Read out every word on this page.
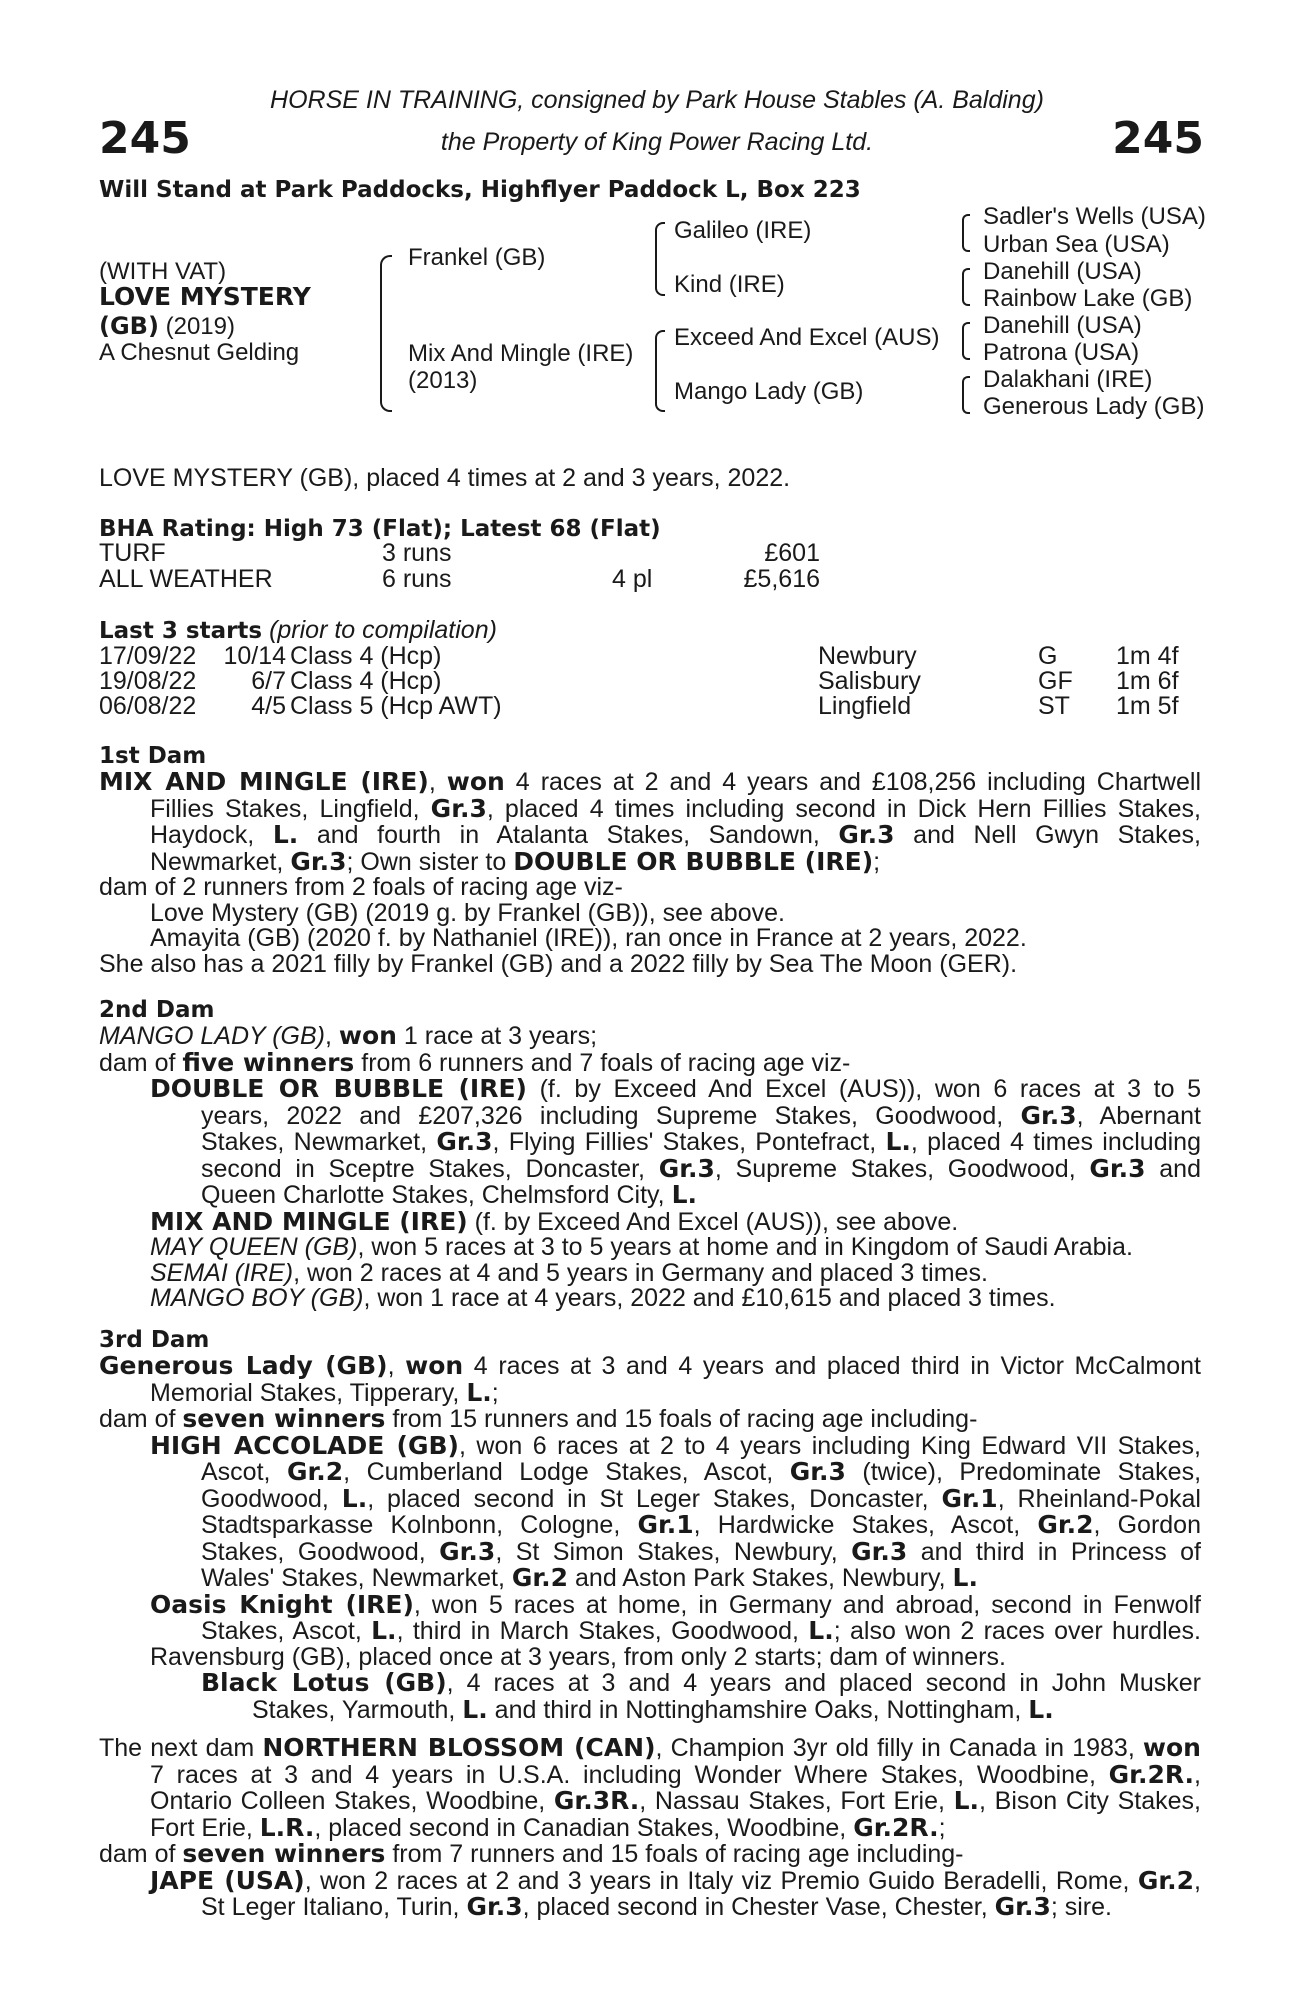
245	245
HORSE IN TRAINING, consigned by Park House Stables (A. Balding)
the Property of King Power Racing Ltd.
Will Stand at Park Paddocks, Highflyer Paddock L, Box 223
(WITH VAT)
LOVE MYSTERY
(GB) (2019)
A Chesnut Gelding
Frankel (GB)
Mix And Mingle (IRE)
(2013)
Galileo (IRE)
Kind (IRE)
Exceed And Excel (AUS)
Mango Lady (GB)
Sadler's Wells (USA)
Urban Sea (USA)
Danehill (USA)
Rainbow Lake (GB)
Danehill (USA)
Patrona (USA)
Dalakhani (IRE)
Generous Lady (GB)
LOVE MYSTERY (GB), placed 4 times at 2 and 3 years, 2022.
BHA Rating: High 73 (Flat); Latest 68 (Flat)
TURF	3 runs	£601
ALL WEATHER	6 runs	4 pl	£5,616
Last 3 starts (prior to compilation)
17/09/22	10/14 Class 4 (Hcp)	Newbury	G 1m 4f
19/08/22	6/7 Class 4 (Hcp)	Salisbury	GF 1m 6f
06/08/22	4/5 Class 5 (Hcp AWT)	Lingfield	ST 1m 5f
1st Dam
MIX AND MINGLE (IRE), won 4 races at 2 and 4 years and £108,256 including Chartwell
Fillies Stakes, Lingfield, Gr.3, placed 4 times including second in Dick Hern Fillies Stakes,
Haydock, L. and fourth in Atalanta Stakes, Sandown, Gr.3 and Nell Gwyn Stakes,
Newmarket, Gr.3; Own sister to DOUBLE OR BUBBLE (IRE);
dam of 2 runners from 2 foals of racing age viz-
Love Mystery (GB) (2019 g. by Frankel (GB)), see above.
Amayita (GB) (2020 f. by Nathaniel (IRE)), ran once in France at 2 years, 2022.
She also has a 2021 filly by Frankel (GB) and a 2022 filly by Sea The Moon (GER).
2nd Dam
MANGO LADY (GB), won 1 race at 3 years;
dam of five winners from 6 runners and 7 foals of racing age viz-
DOUBLE OR BUBBLE (IRE) (f. by Exceed And Excel (AUS)), won 6 races at 3 to 5
years, 2022 and £207,326 including Supreme Stakes, Goodwood, Gr.3, Abernant
Stakes, Newmarket, Gr.3, Flying Fillies' Stakes, Pontefract, L., placed 4 times including
second in Sceptre Stakes, Doncaster, Gr.3, Supreme Stakes, Goodwood, Gr.3 and
Queen Charlotte Stakes, Chelmsford City, L.
MIX AND MINGLE (IRE) (f. by Exceed And Excel (AUS)), see above.
MAY QUEEN (GB), won 5 races at 3 to 5 years at home and in Kingdom of Saudi Arabia.
SEMAI (IRE), won 2 races at 4 and 5 years in Germany and placed 3 times.
MANGO BOY (GB), won 1 race at 4 years, 2022 and £10,615 and placed 3 times.
3rd Dam
Generous Lady (GB), won 4 races at 3 and 4 years and placed third in Victor McCalmont
Memorial Stakes, Tipperary, L.;
dam of seven winners from 15 runners and 15 foals of racing age including-
HIGH ACCOLADE (GB), won 6 races at 2 to 4 years including King Edward VII Stakes,
Ascot, Gr.2, Cumberland Lodge Stakes, Ascot, Gr.3 (twice), Predominate Stakes,
Goodwood, L., placed second in St Leger Stakes, Doncaster, Gr.1, Rheinland-Pokal
Stadtsparkasse Kolnbonn, Cologne, Gr.1, Hardwicke Stakes, Ascot, Gr.2, Gordon
Stakes, Goodwood, Gr.3, St Simon Stakes, Newbury, Gr.3 and third in Princess of
Wales' Stakes, Newmarket, Gr.2 and Aston Park Stakes, Newbury, L.
Oasis Knight (IRE), won 5 races at home, in Germany and abroad, second in Fenwolf
Stakes, Ascot, L., third in March Stakes, Goodwood, L.; also won 2 races over hurdles.
Ravensburg (GB), placed once at 3 years, from only 2 starts; dam of winners.
Black Lotus (GB), 4 races at 3 and 4 years and placed second in John Musker
Stakes, Yarmouth, L. and third in Nottinghamshire Oaks, Nottingham, L.
The next dam NORTHERN BLOSSOM (CAN), Champion 3yr old filly in Canada in 1983, won
7 races at 3 and 4 years in U.S.A. including Wonder Where Stakes, Woodbine, Gr.2R.,
Ontario Colleen Stakes, Woodbine, Gr.3R., Nassau Stakes, Fort Erie, L., Bison City Stakes,
Fort Erie, L.R., placed second in Canadian Stakes, Woodbine, Gr.2R.;
dam of seven winners from 7 runners and 15 foals of racing age including-
JAPE (USA), won 2 races at 2 and 3 years in Italy viz Premio Guido Beradelli, Rome, Gr.2,
St Leger Italiano, Turin, Gr.3, placed second in Chester Vase, Chester, Gr.3; sire.
